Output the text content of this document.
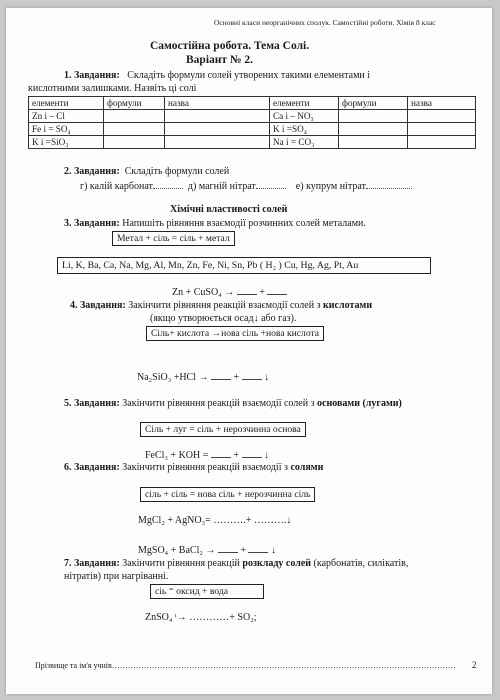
Основні класи неорганічних сполук. Самостійні роботи. Хімія 8 клас
Самостійна робота. Тема Солі.
Варіант № 2.
1. Завдання: Складіть формули солей утворених такими елементами і
кислотними залишками. Назвіть ці солі
елементи	формули	назва	елементи	формули	назва
Zn і – Cl			Ca і – NO₃		
Fe і = SO₄			K і =SO₄		
K і =SiO₃			Na і = CO₃		
2. Завдання: Складіть формули солей
г) калій карбонат	д) магній нітрат	е) купрум нітрат
Хімічні властивості солей
3. Завдання: Напишіть рівняння взаємодії розчинних солей металами.
Метал + сіль = сіль + метал
Li, K, Ba, Ca, Na, Mg, Al, Mn, Zn, Fe, Ni, Sn, Pb ( H₂ ) Cu, Hg, Ag, Pt, Au
Zn + CuSO₄ →	+
4. Завдання: Закінчити рівняння реакцій взаємодії солей з кислотами
(якщо утворюється осад↓ або газ).
Сіль+ кислота →нова сіль +нова кислота
Na₂SiO₃ +HCl →	+	↓
5. Завдання: Закінчити рівняння реакцій взаємодії солей з основами (лугами)
Сіль + луг = сіль + нерозчинна основа
FeCl₃ + KOH =	+	↓
6. Завдання: Закінчити рівняння реакцій взаємодії з солями
сіль + сіль = нова сіль + нерозчинна сіль
MgCl₂ + AgNO₃= ……….+ ……….↓
MgSO₄ + BaCl₂ →	+	↓
7. Завдання: Закінчити рівняння реакцій розкладу солей (карбонатів, силікатів,
нітратів) при нагріванні.
сіь ⁼ оксид + вода
ZnSO₄ ᵗ→ …………+ SO₂;
Прізвище та ім'я учнів………………………………………………………………………………………………………………… 2
